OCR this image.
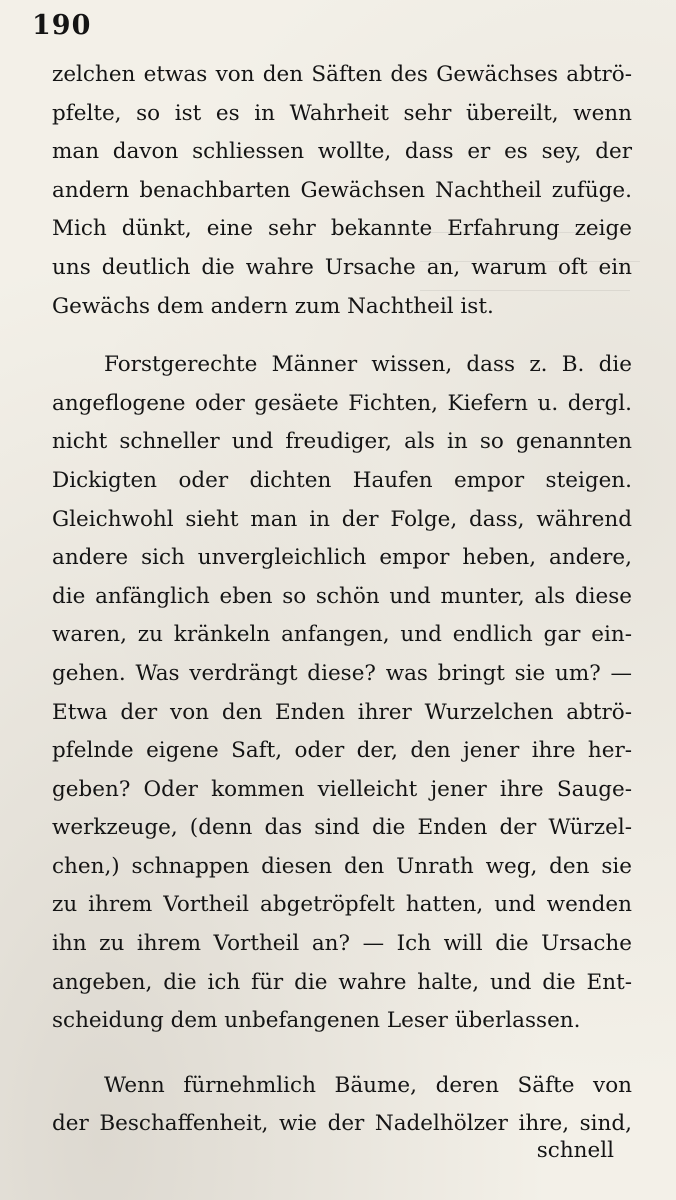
190

zelchen etwas von den Säften des Gewächses abtrö-
pfelte, so ist es in Wahrheit sehr übereilt, wenn
man davon schliessen wollte, dass er es sey, der
andern benachbarten Gewächsen Nachtheil zufüge.
Mich dünkt, eine sehr bekannte Erfahrung zeige
uns deutlich die wahre Ursache an, warum oft ein
Gewächs dem andern zum Nachtheil ist.
Forstgerechte Männer wissen, dass z. B. die
angeflogene oder gesäete Fichten, Kiefern u. dergl.
nicht schneller und freudiger, als in so genannten
Dickigten oder dichten Haufen empor steigen.
Gleichwohl sieht man in der Folge, dass, während
andere sich unvergleichlich empor heben, andere,
die anfänglich eben so schön und munter, als diese
waren, zu kränkeln anfangen, und endlich gar ein-
gehen. Was verdrängt diese? was bringt sie um? —
Etwa der von den Enden ihrer Wurzelchen abtrö-
pfelnde eigene Saft, oder der, den jener ihre her-
geben? Oder kommen vielleicht jener ihre Sauge-
werkzeuge, (denn das sind die Enden der Würzel-
chen,) schnappen diesen den Unrath weg, den sie
zu ihrem Vortheil abgetröpfelt hatten, und wenden
ihn zu ihrem Vortheil an? — Ich will die Ursache
angeben, die ich für die wahre halte, und die Ent-
scheidung dem unbefangenen Leser überlassen.
Wenn fürnehmlich Bäume, deren Säfte von
der Beschaffenheit, wie der Nadelhölzer ihre, sind,

schnell
